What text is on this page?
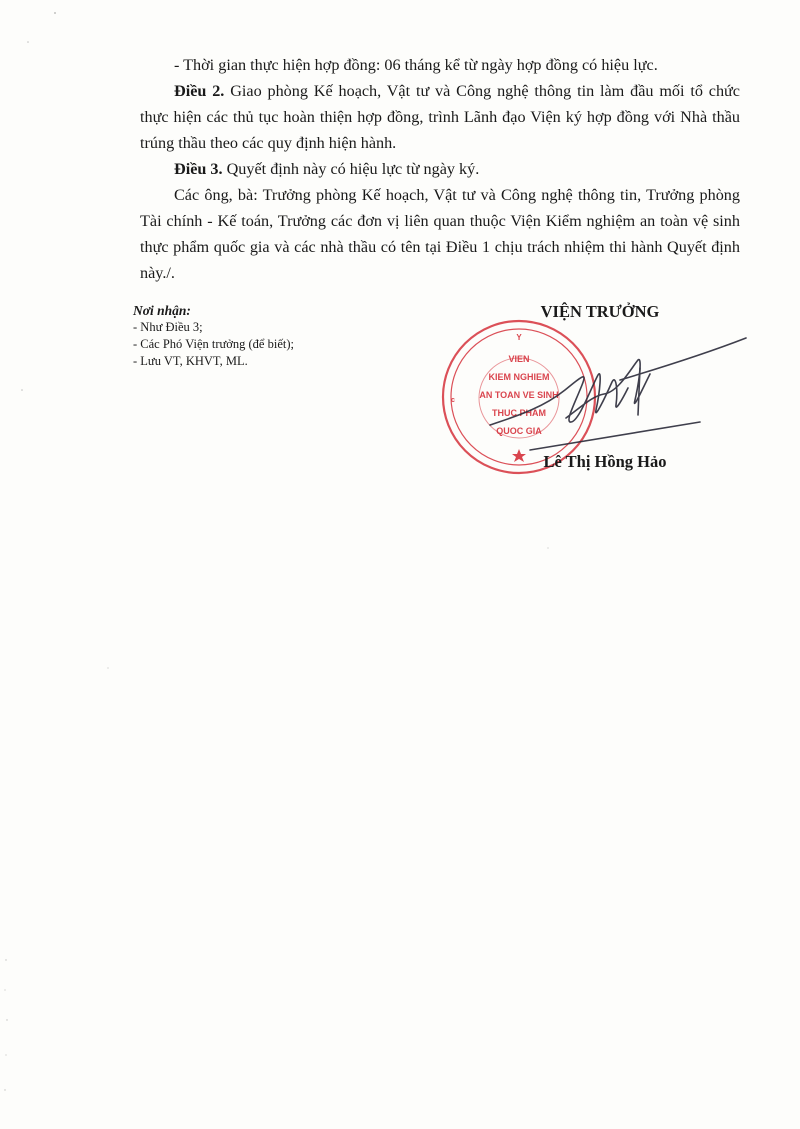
- Thời gian thực hiện hợp đồng: 06 tháng kể từ ngày hợp đồng có hiệu lực.

Điều 2. Giao phòng Kế hoạch, Vật tư và Công nghệ thông tin làm đầu mối tổ chức thực hiện các thủ tục hoàn thiện hợp đồng, trình Lãnh đạo Viện ký hợp đồng với Nhà thầu trúng thầu theo các quy định hiện hành.

Điều 3. Quyết định này có hiệu lực từ ngày ký.

Các ông, bà: Trưởng phòng Kế hoạch, Vật tư và Công nghệ thông tin, Trưởng phòng Tài chính - Kế toán, Trưởng các đơn vị liên quan thuộc Viện Kiểm nghiệm an toàn vệ sinh thực phẩm quốc gia và các nhà thầu có tên tại Điều 1 chịu trách nhiệm thi hành Quyết định này./.

Nơi nhận:
- Như Điều 3;
- Các Phó Viện trưởng (để biết);
- Lưu VT, KHVT, ML.
VIỆN TRƯỞNG
Y
VIEN
KIEM NGHIEM
AN TOAN VE SINH
THUC PHAM
QUOC GIA
c
Lê Thị Hồng Hảo
